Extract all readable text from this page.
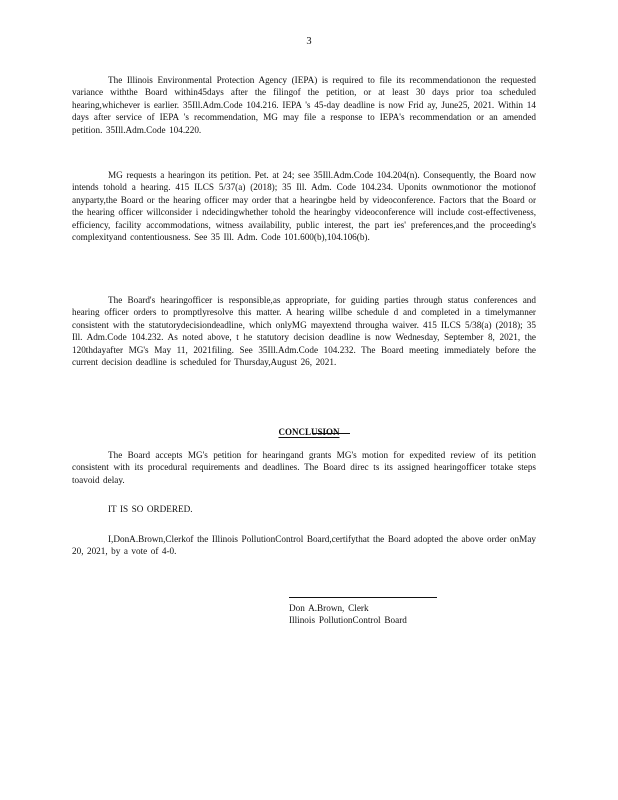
3

The Illinois Environmental Protection Agency (IEPA) is required to file its recommendationon the requested variance withthe Board within45days after the filingof the petition, or at least 30 days prior toa scheduled hearing,whichever is earlier. 35Ill.Adm.Code 104.216. IEPA 's 45-day deadline is now Frid ay, June25, 2021. Within 14 days after service of IEPA 's recommendation, MG may file a response to IEPA's recommendation or an amended petition. 35Ill.Adm.Code 104.220.

MG requests a hearingon its petition. Pet. at 24; see 35Ill.Adm.Code 104.204(n). Consequently, the Board now intends tohold a hearing. 415 ILCS 5/37(a) (2018); 35 Ill. Adm. Code 104.234. Uponits ownmotionor the motionof anyparty,the Board or the hearing officer may order that a hearingbe held by videoconference. Factors that the Board or the hearing officer willconsider i ndecidingwhether tohold the hearingby videoconference will include cost-effectiveness, efficiency, facility accommodations, witness availability, public interest, the part ies' preferences,and the proceeding's complexityand contentiousness. See 35 Ill. Adm. Code 101.600(b),104.106(b).

The Board's hearingofficer is responsible,as appropriate, for guiding parties through status conferences and hearing officer orders to promptlyresolve this matter. A hearing willbe schedule d and completed in a timelymanner consistent with the statutorydecisiondeadline, which onlyMG mayextend througha waiver. 415 ILCS 5/38(a) (2018); 35 Ill. Adm.Code 104.232. As noted above, t he statutory decision deadline is now Wednesday, September 8, 2021, the 120thdayafter MG's May 11, 2021filing. See 35Ill.Adm.Code 104.232. The Board meeting immediately before the current decision deadline is scheduled for Thursday,August 26, 2021.

CONCLUSION

The Board accepts MG's petition for hearingand grants MG's motion for expedited review of its petition consistent with its procedural requirements and deadlines. The Board direc ts its assigned hearingofficer totake steps toavoid delay.

IT IS SO ORDERED.

I,DonA.Brown,Clerkof the Illinois PollutionControl Board,certifythat the Board adopted the above order onMay 20, 2021, by a vote of 4-0.

Don A.Brown, Clerk
Illinois PollutionControl Board
